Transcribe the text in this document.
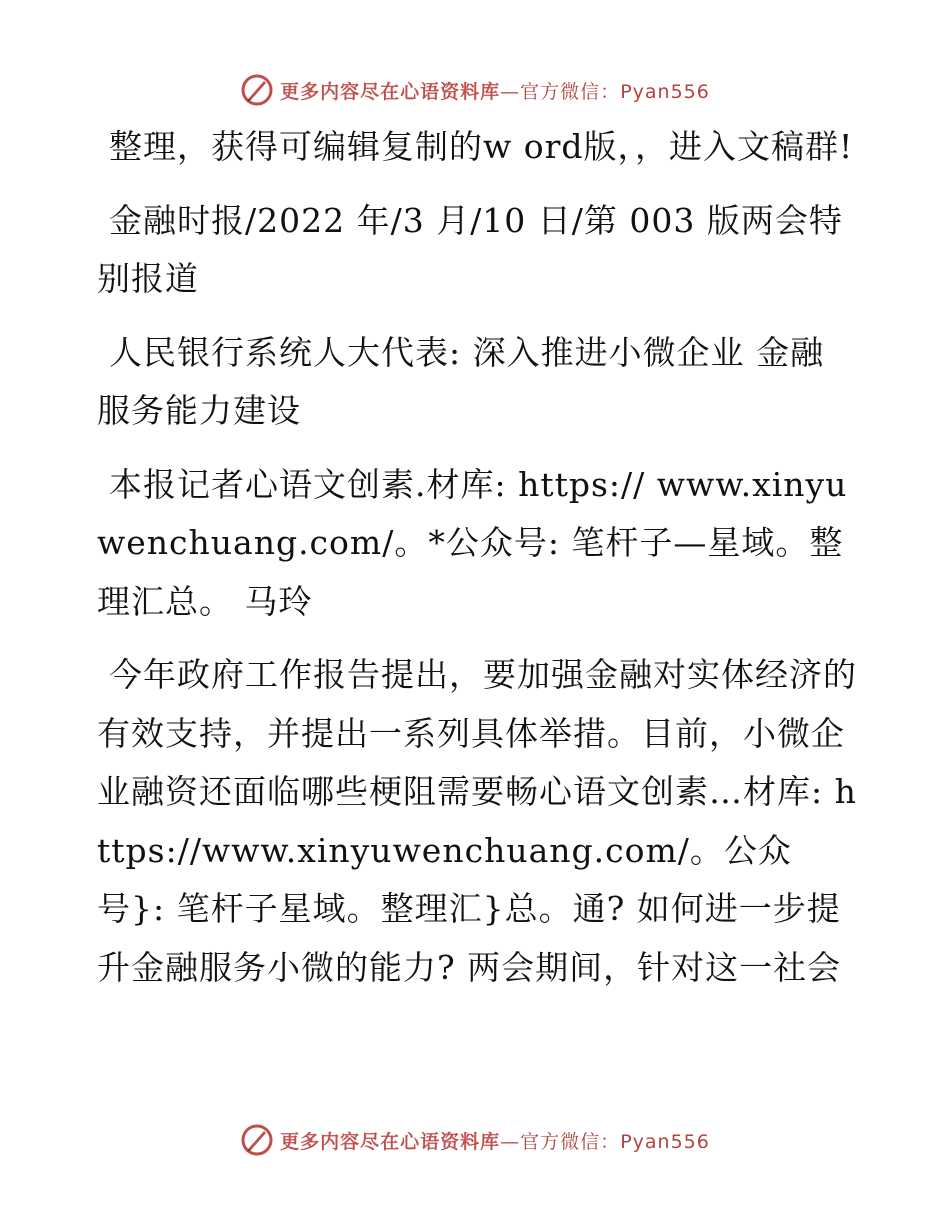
更多内容尽在心语资料库—官方微信：Pyan556

整理，获得可编辑复制的w ord版，，进入文稿群!

金融时报/2022 年/3 月/10 日/第 003 版两会特别报道

人民银行系统人大代表: 深入推进小微企业 金融服务能力建设

本报记者心语文创素.材库: https:// www.xinyuwenchuang.com/。*公众号: 笔杆子—星域。整理汇总。 马玲

今年政府工作报告提出，要加强金融对实体经济的有效支持，并提出一系列具体举措。目前，小微企业融资还面临哪些梗阻需要畅心语文创素…材库: https://www.xinyuwenchuang.com/。公众号}: 笔杆子星域。整理汇}总。通? 如何进一步提升金融服务小微的能力? 两会期间，针对这一社会

更多内容尽在心语资料库—官方微信：Pyan556
